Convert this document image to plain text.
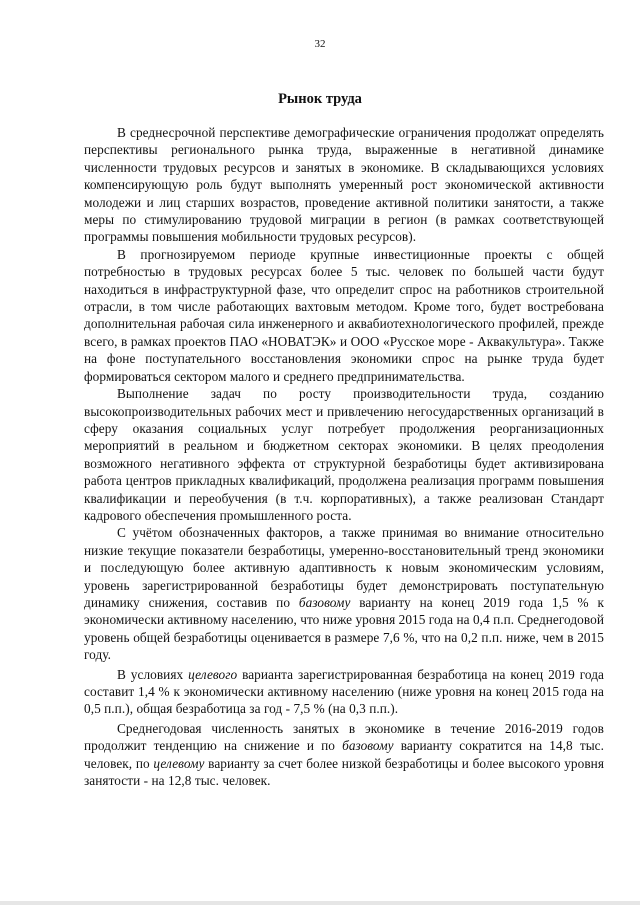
32
Рынок труда

В среднесрочной перспективе демографические ограничения продолжат определять перспективы регионального рынка труда, выраженные в негативной динамике численности трудовых ресурсов и занятых в экономике. В складывающихся условиях компенсирующую роль будут выполнять умеренный рост экономической активности молодежи и лиц старших возрастов, проведение активной политики занятости, а также меры по стимулированию трудовой миграции в регион (в рамках соответствующей программы повышения мобильности трудовых ресурсов).

В прогнозируемом периоде крупные инвестиционные проекты с общей потребностью в трудовых ресурсах более 5 тыс. человек по большей части будут находиться в инфраструктурной фазе, что определит спрос на работников строительной отрасли, в том числе работающих вахтовым методом. Кроме того, будет востребована дополнительная рабочая сила инженерного и аквабиотехнологического профилей, прежде всего, в рамках проектов ПАО «НОВАТЭК» и ООО «Русское море - Аквакультура». Также на фоне поступательного восстановления экономики спрос на рынке труда будет формироваться сектором малого и среднего предпринимательства.

Выполнение задач по росту производительности труда, созданию высокопроизводительных рабочих мест и привлечению негосударственных организаций в сферу оказания социальных услуг потребует продолжения реорганизационных мероприятий в реальном и бюджетном секторах экономики. В целях преодоления возможного негативного эффекта от структурной безработицы будет активизирована работа центров прикладных квалификаций, продолжена реализация программ повышения квалификации и переобучения (в т.ч. корпоративных), а также реализован Стандарт кадрового обеспечения промышленного роста.

С учётом обозначенных факторов, а также принимая во внимание относительно низкие текущие показатели безработицы, умеренно-восстановительный тренд экономики и последующую более активную адаптивность к новым экономическим условиям, уровень зарегистрированной безработицы будет демонстрировать поступательную динамику снижения, составив по базовому варианту на конец 2019 года 1,5 % к экономически активному населению, что ниже уровня 2015 года на 0,4 п.п. Среднегодовой уровень общей безработицы оценивается в размере 7,6 %, что на 0,2 п.п. ниже, чем в 2015 году.

В условиях целевого варианта зарегистрированная безработица на конец 2019 года составит 1,4 % к экономически активному населению (ниже уровня на конец 2015 года на 0,5 п.п.), общая безработица за год - 7,5 % (на 0,3 п.п.).

Среднегодовая численность занятых в экономике в течение 2016-2019 годов продолжит тенденцию на снижение и по базовому варианту сократится на 14,8 тыс. человек, по целевому варианту за счет более низкой безработицы и более высокого уровня занятости - на 12,8 тыс. человек.
